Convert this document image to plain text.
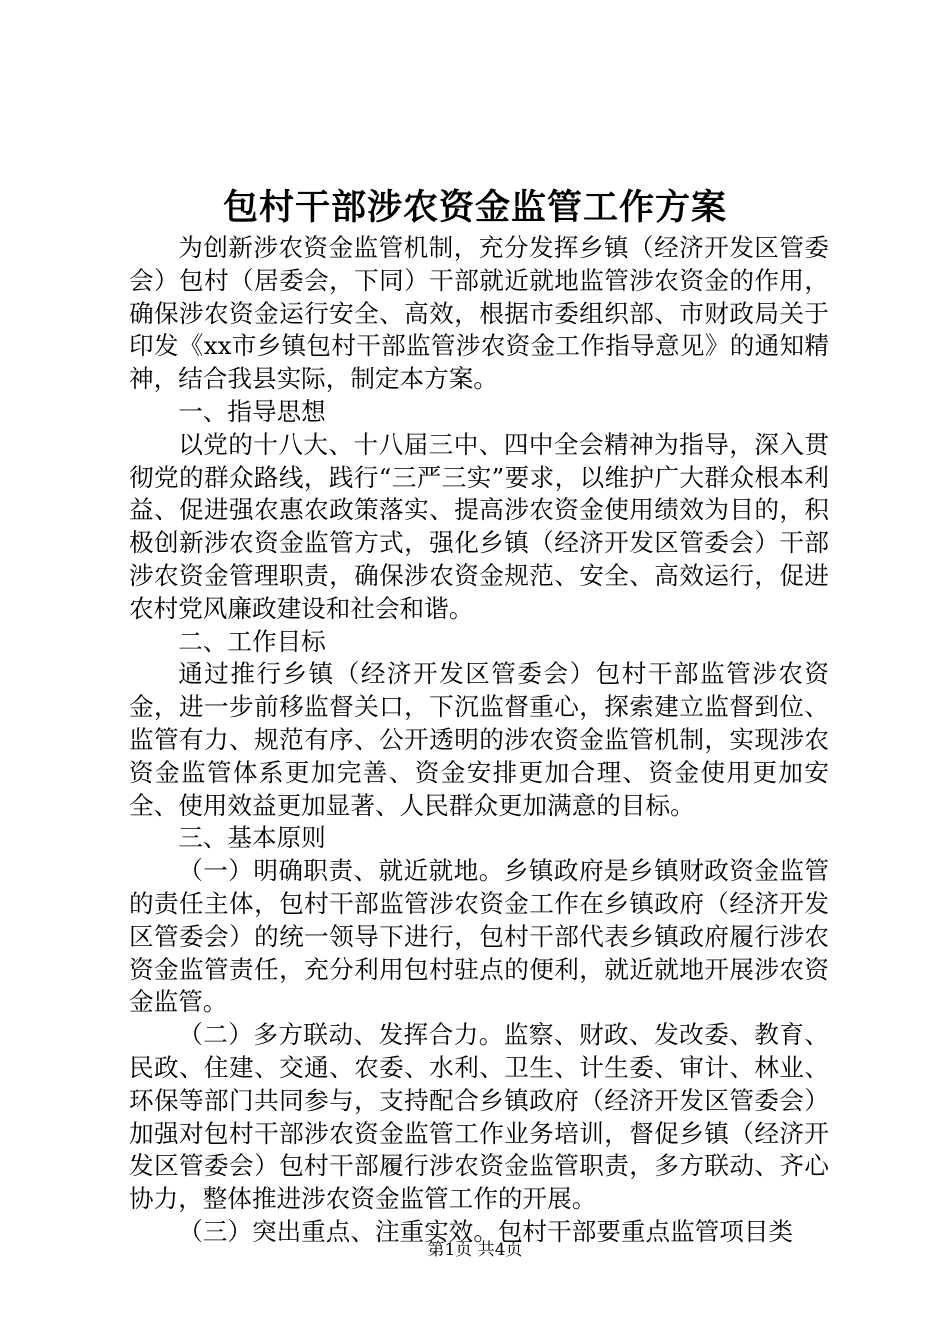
包村干部涉农资金监管工作方案

为创新涉农资金监管机制，充分发挥乡镇（经济开发区管委会）包村（居委会，下同）干部就近就地监管涉农资金的作用，确保涉农资金运行安全、高效，根据市委组织部、市财政局关于印发《xx市乡镇包村干部监管涉农资金工作指导意见》的通知精神，结合我县实际，制定本方案。

一、指导思想

以党的十八大、十八届三中、四中全会精神为指导，深入贯彻党的群众路线，践行“三严三实”要求，以维护广大群众根本利益、促进强农惠农政策落实、提高涉农资金使用绩效为目的，积极创新涉农资金监管方式，强化乡镇（经济开发区管委会）干部涉农资金管理职责，确保涉农资金规范、安全、高效运行，促进农村党风廉政建设和社会和谐。

二、工作目标

通过推行乡镇（经济开发区管委会）包村干部监管涉农资金，进一步前移监督关口，下沉监督重心，探索建立监督到位、监管有力、规范有序、公开透明的涉农资金监管机制，实现涉农资金监管体系更加完善、资金安排更加合理、资金使用更加安全、使用效益更加显著、人民群众更加满意的目标。

三、基本原则

（一）明确职责、就近就地。乡镇政府是乡镇财政资金监管的责任主体，包村干部监管涉农资金工作在乡镇政府（经济开发区管委会）的统一领导下进行，包村干部代表乡镇政府履行涉农资金监管责任，充分利用包村驻点的便利，就近就地开展涉农资金监管。

（二）多方联动、发挥合力。监察、财政、发改委、教育、民政、住建、交通、农委、水利、卫生、计生委、审计、林业、环保等部门共同参与，支持配合乡镇政府（经济开发区管委会）加强对包村干部涉农资金监管工作业务培训，督促乡镇（经济开发区管委会）包村干部履行涉农资金监管职责，多方联动、齐心协力，整体推进涉农资金监管工作的开展。

（三）突出重点、注重实效。包村干部要重点监管项目类

第1页 共4页
